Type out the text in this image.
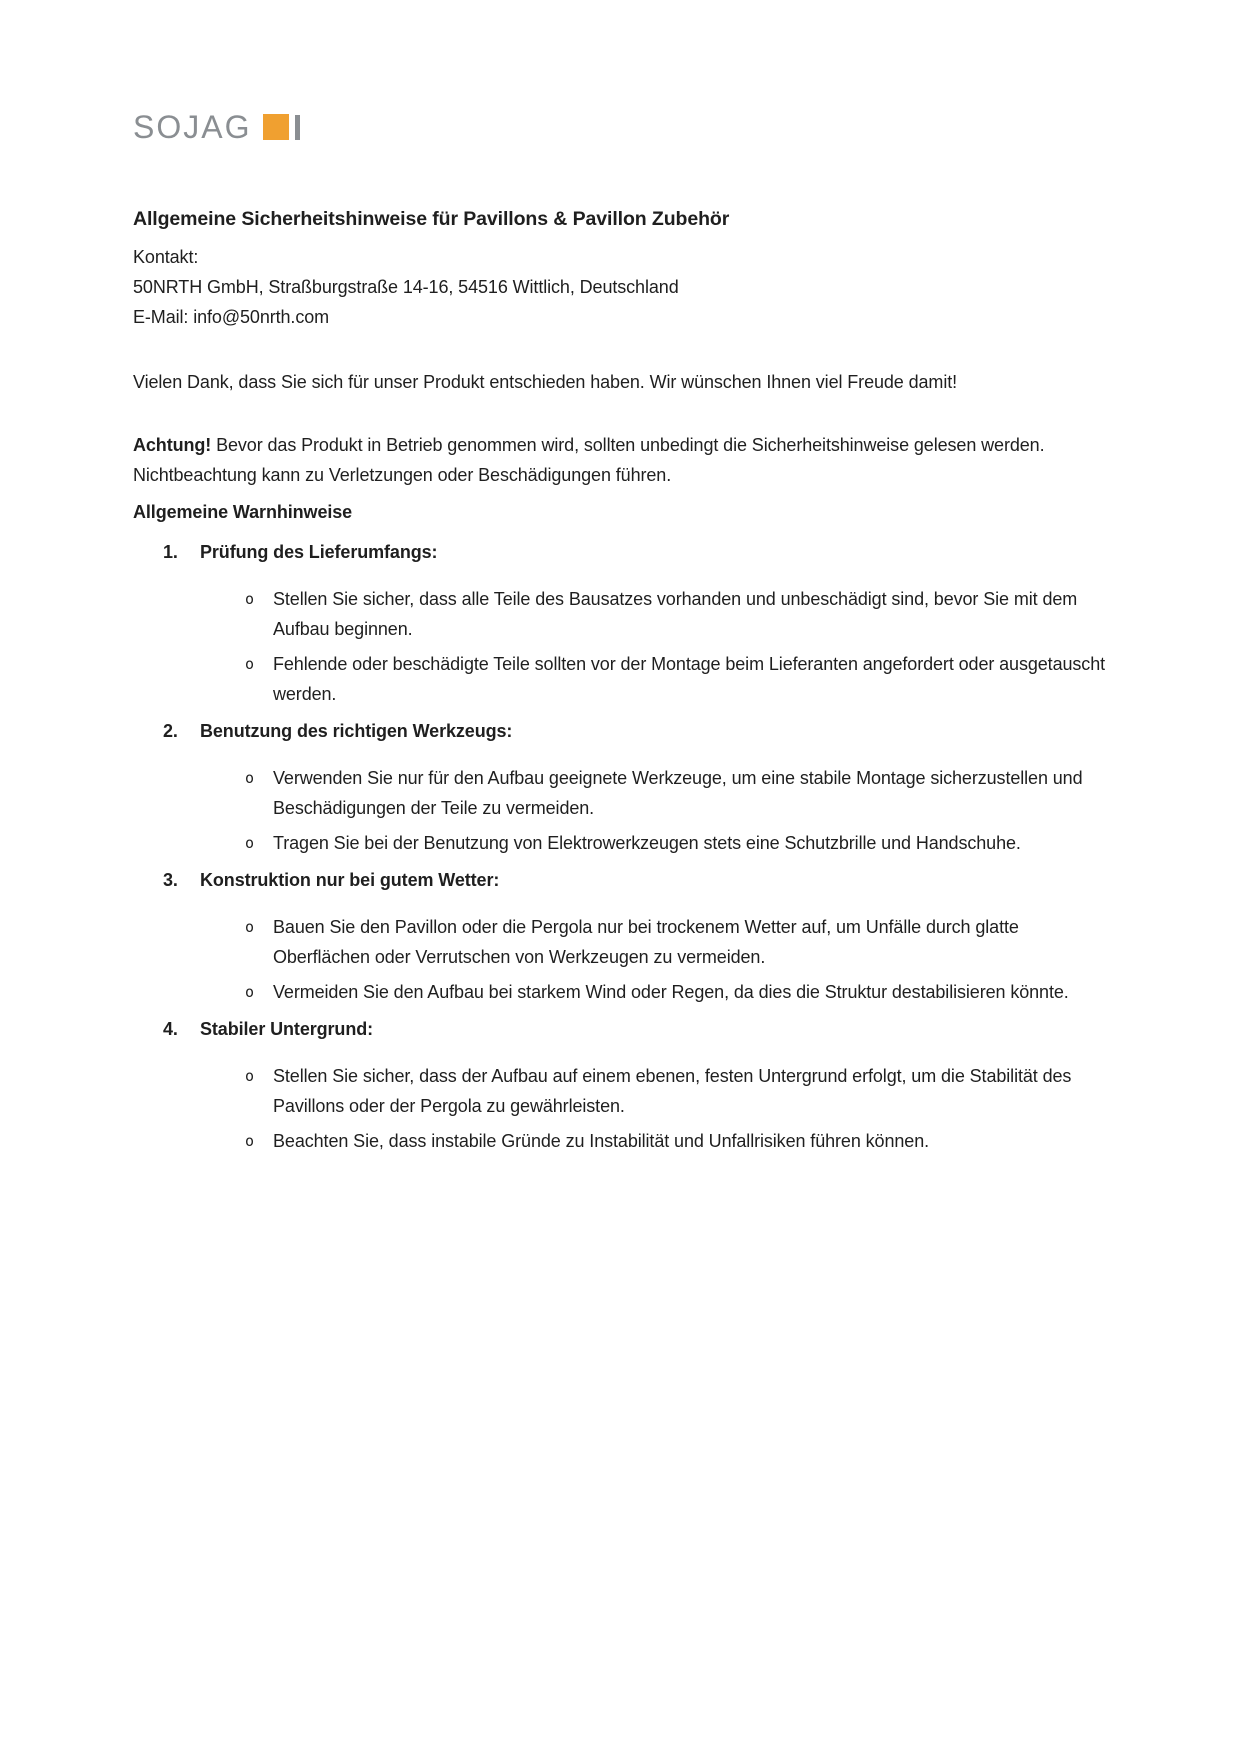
SOJAG
Allgemeine Sicherheitshinweise für Pavillons & Pavillon Zubehör

Kontakt:

50NRTH GmbH, Straßburgstraße 14-16, 54516 Wittlich, Deutschland

E-Mail: info@50nrth.com

Vielen Dank, dass Sie sich für unser Produkt entschieden haben. Wir wünschen Ihnen viel Freude damit!

Achtung! Bevor das Produkt in Betrieb genommen wird, sollten unbedingt die Sicherheitshinweise gelesen werden. Nichtbeachtung kann zu Verletzungen oder Beschädigungen führen.

Allgemeine Warnhinweise
1.	Prüfung des Lieferumfangs:
o Stellen Sie sicher, dass alle Teile des Bausatzes vorhanden und unbeschädigt sind, bevor Sie mit dem Aufbau beginnen.
o Fehlende oder beschädigte Teile sollten vor der Montage beim Lieferanten angefordert oder ausgetauscht werden.
2.	Benutzung des richtigen Werkzeugs:
o Verwenden Sie nur für den Aufbau geeignete Werkzeuge, um eine stabile Montage sicherzustellen und Beschädigungen der Teile zu vermeiden.
o Tragen Sie bei der Benutzung von Elektrowerkzeugen stets eine Schutzbrille und Handschuhe.
3.	Konstruktion nur bei gutem Wetter:
o Bauen Sie den Pavillon oder die Pergola nur bei trockenem Wetter auf, um Unfälle durch glatte Oberflächen oder Verrutschen von Werkzeugen zu vermeiden.
o Vermeiden Sie den Aufbau bei starkem Wind oder Regen, da dies die Struktur destabilisieren könnte.
4.	Stabiler Untergrund:
o Stellen Sie sicher, dass der Aufbau auf einem ebenen, festen Untergrund erfolgt, um die Stabilität des Pavillons oder der Pergola zu gewährleisten.
o Beachten Sie, dass instabile Gründe zu Instabilität und Unfallrisiken führen können.
